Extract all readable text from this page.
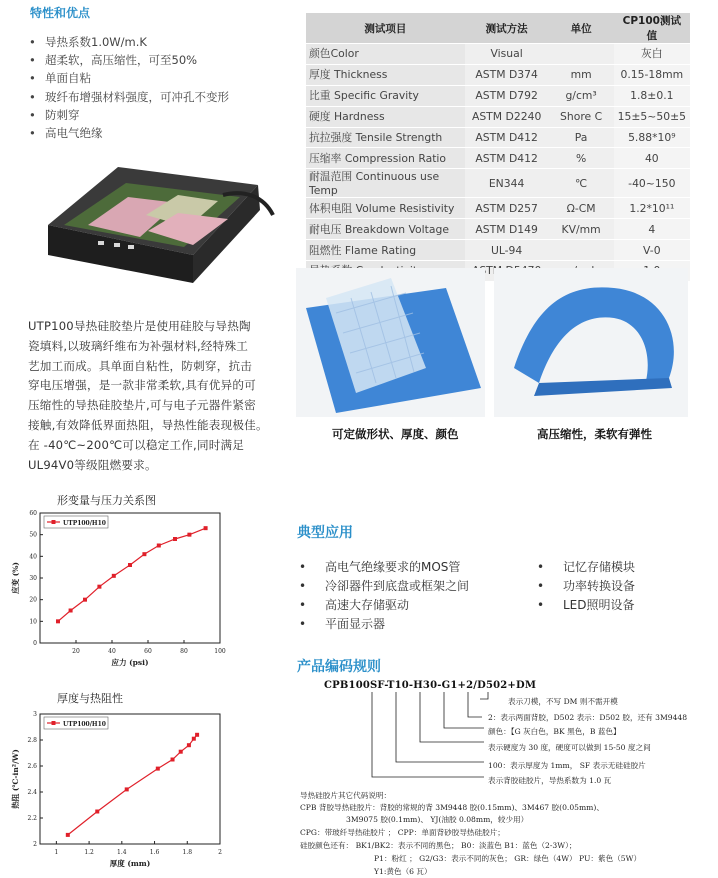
特性和优点
• 导热系数1.0W/m.K
• 超柔软，高压缩性，可至50%
• 单面自粘
• 玻纤布增强材料强度，可冲孔不变形
• 防刺穿
• 高电气绝缘
UTP100导热硅胶垫片是使用硅胶与导热陶
瓷填料,以玻璃纤维布为补强材料,经特殊工
艺加工而成。具单面自粘性，防刺穿，抗击
穿电压增强，是一款非常柔软,具有优异的可
压缩性的导热硅胶垫片,可与电子元器件紧密
接触,有效降低界面热阻，导热性能表现极佳。
在 -40℃~200℃可以稳定工作,同时满足
UL94V0等级阻燃要求。
测试项目	测试方法	单位	CP100测试值
颜色Color	Visual		灰白
厚度 Thickness	ASTM D374	mm	0.15-18mm
比重 Specific Gravity	ASTM D792	g/cm³	1.8±0.1
硬度 Hardness	ASTM D2240	Shore C	15±5~50±5
抗拉强度 Tensile Strength	ASTM D412	Pa	5.88*10⁹
压缩率 Compression Ratio	ASTM D412	%	40
耐温范围 Continuous use Temp	EN344	℃	-40~150
体积电阻 Volume Resistivity	ASTM D257	Ω-CM	1.2*10¹¹
耐电压 Breakdown Voltage	ASTM D149	KV/mm	4
阻燃性 Flame Rating	UL-94		V-0
	ASTM		
可定做形状、厚度、颜色	高压缩性，柔软有弹性
形变量与压力关系图
20	40	60	80	100
0
10
20
30
40
50
60
应力 (psi)
应变 (%)
UTP100/H10
厚度与热阻性
1	1.2	1.4	1.6	1.8	2
2
2.2
2.4
2.6
2.8
3
厚度 (mm)
热阻 (℃-in²/W)
UTP100/H10
典型应用
• 高电气绝缘要求的MOS管
• 冷卻器件到底盘或框架之间
• 高速大存储驱动
• 平面显示器
• 记忆存储模块
• 功率转换设备
• LED照明设备
产品编码规则
CPB100SF-T10-H30-G1+2/D502+DM
表示刀模，不写 DM 则不需开模
2：表示两面背胶，D502 表示：D502 胶，还有 3M9448
颜色：【G 灰白色，BK 黑色，B 蓝色】
表示硬度为 30 度，硬度可以做到 15-50 度之间
100：表示厚度为 1mm， SF 表示无硅硅胶片
表示背胶硅胶片，导热系数为 1.0 瓦
导热硅胶片其它代码说明：
CPB 背胶导热硅胶片：背胶的常规的背 3M9448 胶(0.15mm)、3M467 胶(0.05mm)、
3M9075 胶(0.1mm)、 YJ(油胶 0.08mm，较少用）
CPG：带玻纤导热硅胶片 ； CPP：单面背砂胶导热硅胶片；
硅胶颜色还有： BK1/BK2：表示不同的黑色； B0：淡蓝色 B1：蓝色（2-3W）；
P1：粉红 ； G2/G3：表示不同的灰色； GR：绿色（4W） PU：紫色（5W）
Y1:黄色（6 瓦）
